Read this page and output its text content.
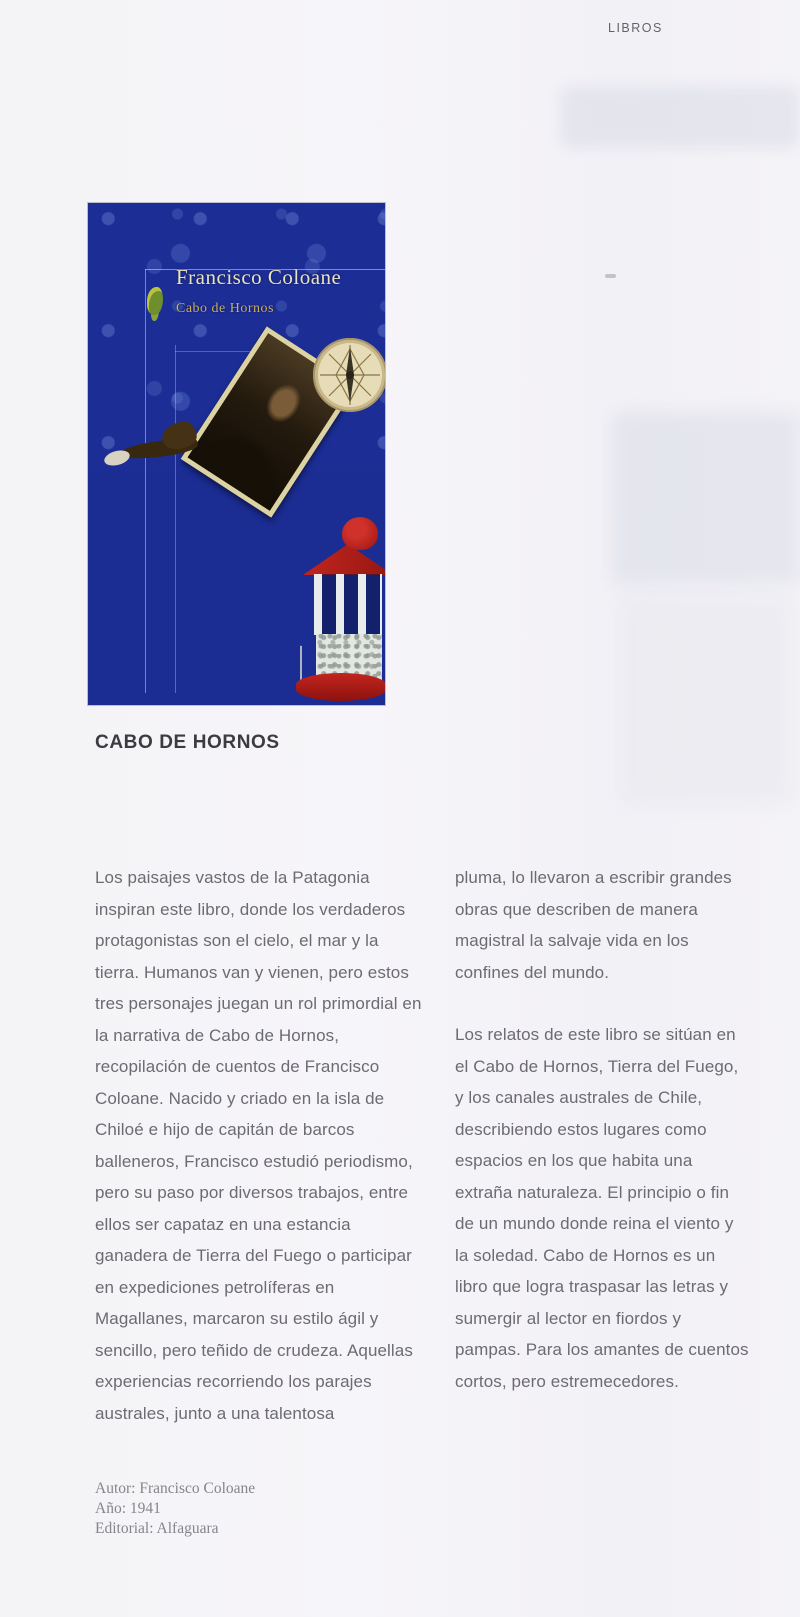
LIBROS
Francisco Coloane
Cabo de Hornos
CABO DE HORNOS

Los paisajes vastos de la Patagonia inspiran este libro, donde los verdaderos protagonistas son el cielo, el mar y la tierra. Humanos van y vienen, pero estos tres personajes juegan un rol primordial en la narrativa de Cabo de Hornos, recopilación de cuentos de Francisco Coloane. Nacido y criado en la isla de Chiloé e hijo de capitán de barcos balleneros, Francisco estudió periodismo, pero su paso por diversos trabajos, entre ellos ser capataz en una estancia ganadera de Tierra del Fuego o participar en expediciones petrolíferas en Magallanes, marcaron su estilo ágil y sencillo, pero teñido de crudeza. Aquellas experiencias recorriendo los parajes australes, junto a una talentosa

pluma, lo llevaron a escribir grandes obras que describen de manera magistral la salvaje vida en los confines del mundo.

Los relatos de este libro se sitúan en el Cabo de Hornos, Tierra del Fuego, y los canales australes de Chile, describiendo estos lugares como espacios en los que habita una extraña naturaleza. El principio o fin de un mundo donde reina el viento y la soledad. Cabo de Hornos es un libro que logra traspasar las letras y sumergir al lector en fiordos y pampas. Para los amantes de cuentos cortos, pero estremecedores.

Autor: Francisco Coloane
Año: 1941
Editorial: Alfaguara
